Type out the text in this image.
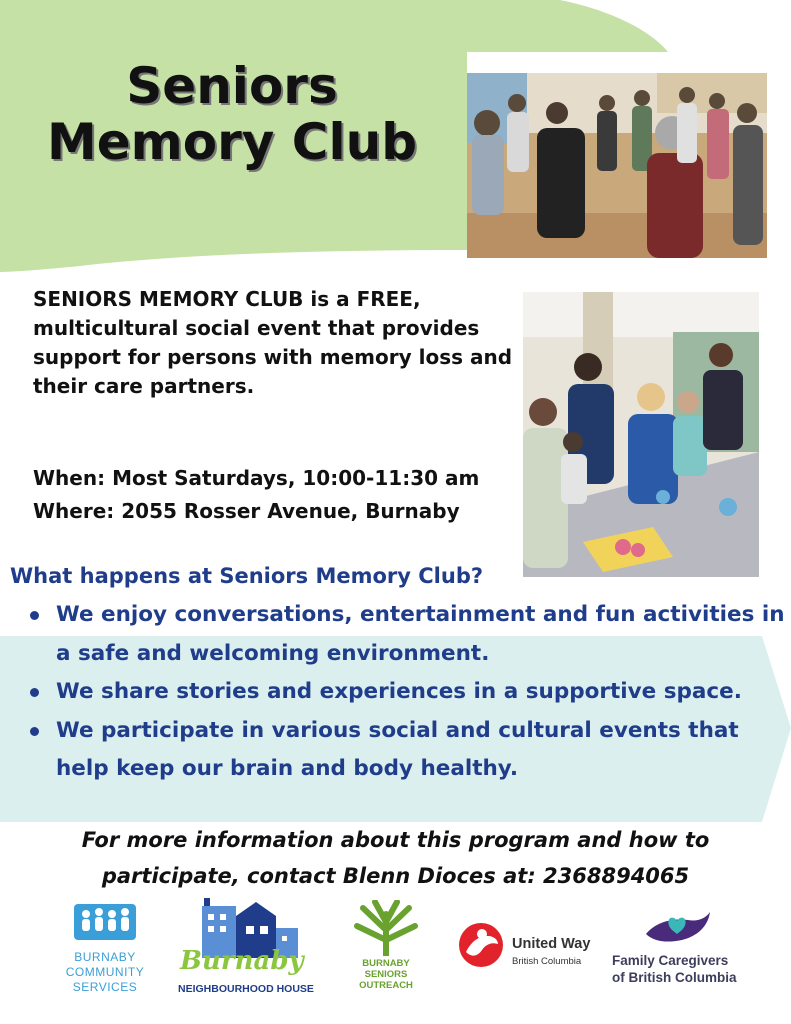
Seniors
Memory Club
SENIORS MEMORY CLUB is a FREE, multicultural social event that provides support for persons with memory loss and their care partners.
When: Most Saturdays, 10:00-11:30 am
Where: 2055 Rosser Avenue, Burnaby
What happens at Seniors Memory Club?
We enjoy conversations, entertainment and fun activities in a safe and welcoming environment.
We share stories and experiences in a supportive space.
We participate in various social and cultural events that help keep our brain and body healthy.
For more information about this program and how to
participate, contact Blenn Dioces at: 2368894065
BURNABY
COMMUNITY
SERVICES
Burnaby
NEIGHBOURHOOD HOUSE
BURNABY
SENIORS
OUTREACH
United Way
British Columbia Family Caregivers
of British Columbia
